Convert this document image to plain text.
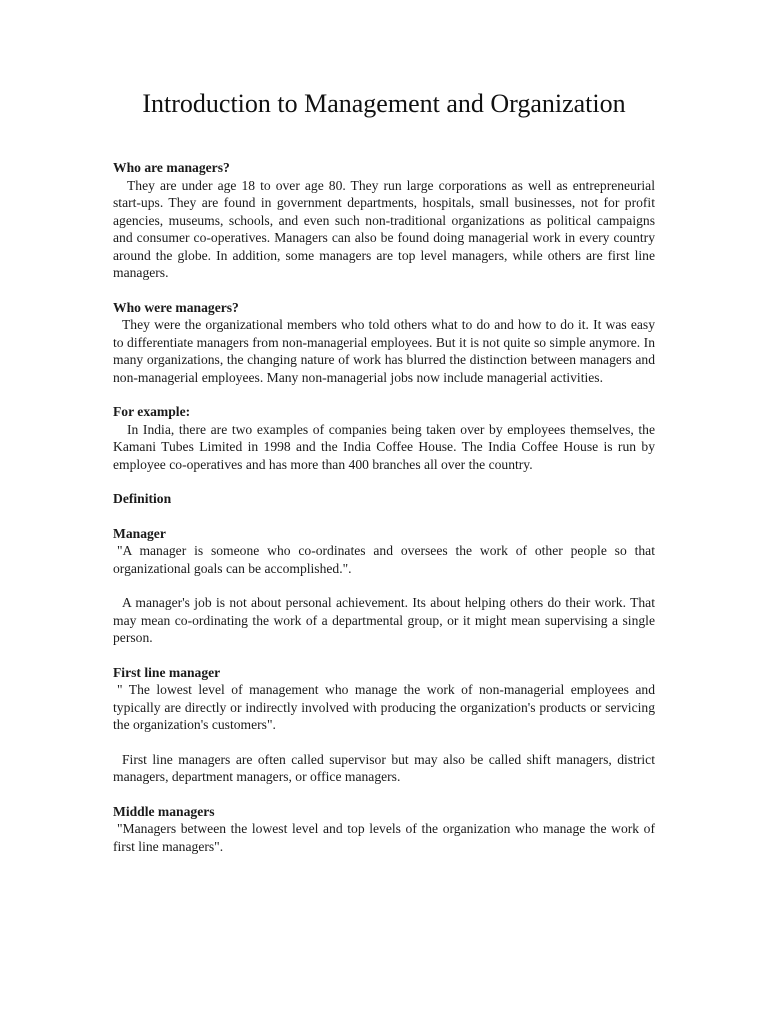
Introduction to Management and Organization

Who are managers?

They are under age 18 to over age 80. They run large corporations as well as entrepreneurial start-ups. They are found in government departments, hospitals, small businesses, not for profit agencies, museums, schools, and even such non-traditional organizations as political campaigns and consumer co-operatives. Managers can also be found doing managerial work in every country around the globe. In addition, some managers are top level managers, while others are first line managers.

Who were managers?

They were the organizational members who told others what to do and how to do it. It was easy to differentiate managers from non-managerial employees. But it is not quite so simple anymore. In many organizations, the changing nature of work has blurred the distinction between managers and non-managerial employees. Many non-managerial jobs now include managerial activities.

For example:

In India, there are two examples of companies being taken over by employees themselves, the Kamani Tubes Limited in 1998 and the India Coffee House. The India Coffee House is run by employee co-operatives and has more than 400 branches all over the country.

Definition

Manager

"A manager is someone who co-ordinates and oversees the work of other people so that organizational goals can be accomplished.".

A manager's job is not about personal achievement. Its about helping others do their work. That may mean co-ordinating the work of a departmental group, or it might mean supervising a single person.

First line manager

" The lowest level of management who manage the work of non-managerial employees and typically are directly or indirectly involved with producing the organization's products or servicing the organization's customers".

First line managers are often called supervisor but may also be called shift managers, district managers, department managers, or office managers.

Middle managers

"Managers between the lowest level and top levels of the organization who manage the work of first line managers".
